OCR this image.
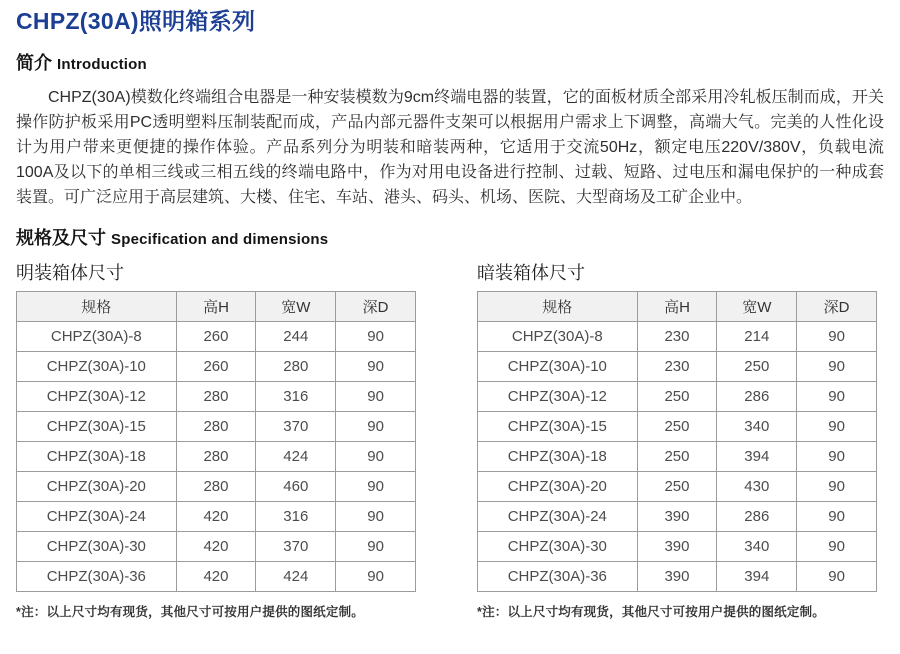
CHPZ(30A)照明箱系列
简介 Introduction

CHPZ(30A)模数化终端组合电器是一种安装模数为9cm终端电器的装置，它的面板材质全部采用冷轧板压制而成，开关操作防护板采用PC透明塑料压制装配而成，产品内部元器件支架可以根据用户需求上下调整，高端大气。完美的人性化设计为用户带来更便捷的操作体验。产品系列分为明装和暗装两种，它适用于交流50Hz，额定电压220V/380V，负载电流100A及以下的单相三线或三相五线的终端电路中，作为对用电设备进行控制、过载、短路、过电压和漏电保护的一种成套装置。可广泛应用于高层建筑、大楼、住宅、车站、港头、码头、机场、医院、大型商场及工矿企业中。

规格及尺寸 Specification and dimensions
明装箱体尺寸
规格	高H	宽W	深D
CHPZ(30A)-8	260	244	90
CHPZ(30A)-10	260	280	90
CHPZ(30A)-12	280	316	90
CHPZ(30A)-15	280	370	90
CHPZ(30A)-18	280	424	90
CHPZ(30A)-20	280	460	90
CHPZ(30A)-24	420	316	90
CHPZ(30A)-30	420	370	90
CHPZ(30A)-36	420	424	90

*注：以上尺寸均有现货，其他尺寸可按用户提供的图纸定制。

暗装箱体尺寸
规格	高H	宽W	深D
CHPZ(30A)-8	230	214	90
CHPZ(30A)-10	230	250	90
CHPZ(30A)-12	250	286	90
CHPZ(30A)-15	250	340	90
CHPZ(30A)-18	250	394	90
CHPZ(30A)-20	250	430	90
CHPZ(30A)-24	390	286	90
CHPZ(30A)-30	390	340	90
CHPZ(30A)-36	390	394	90

*注：以上尺寸均有现货，其他尺寸可按用户提供的图纸定制。
